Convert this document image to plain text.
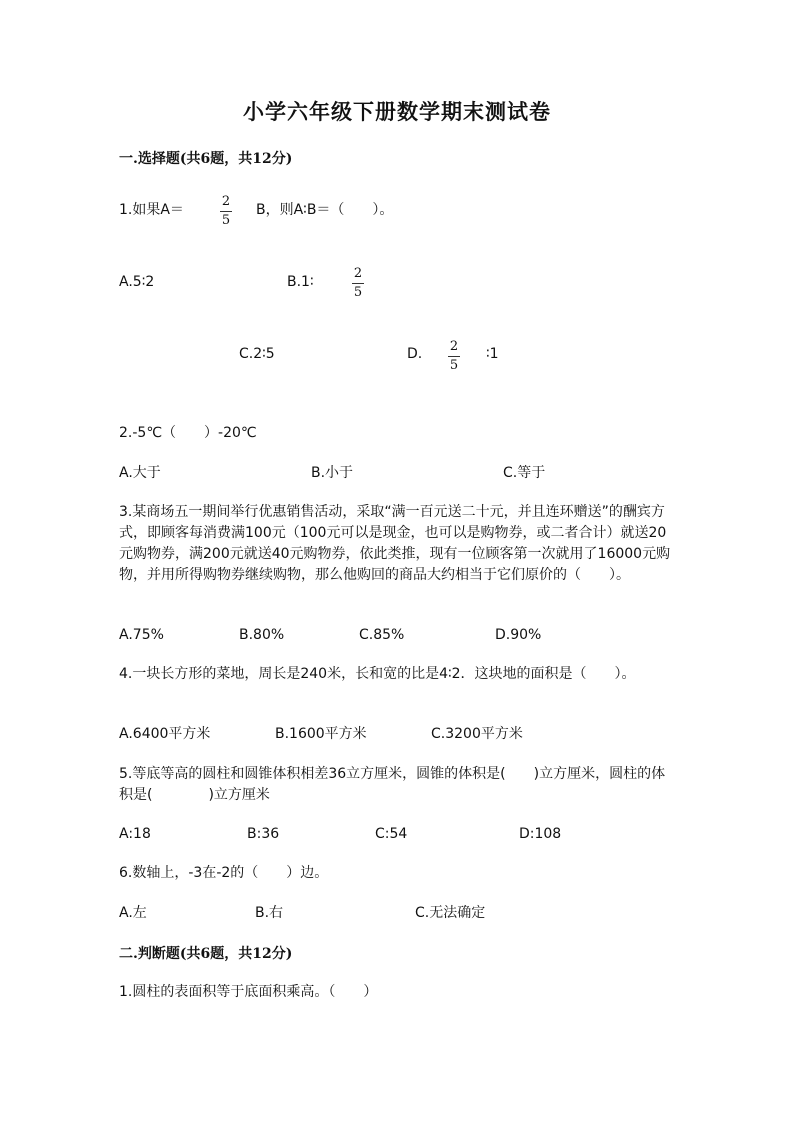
小学六年级下册数学期末测试卷
一.选择题(共6题，共12分)
1.如果A＝
2
5
B，则A∶B＝（　　）。
A.5∶2	B.1∶
2
5
C.2∶5	D. 2
5
∶1
2.-5℃（　　）-20℃
A.大于	B.小于	C.等于
3.某商场五一期间举行优惠销售活动，采取“满一百元送二十元，并且连环赠送”的酬宾方式，即顾客每消费满100元（100元可以是现金，也可以是购物券，或二者合计）就送20元购物券，满200元就送40元购物券，依此类推，现有一位顾客第一次就用了16000元购物，并用所得购物券继续购物，那么他购回的商品大约相当于它们原价的（　　）。
A.75%	B.80%	C.85%	D.90%
4.一块长方形的菜地，周长是240米，长和宽的比是4∶2．这块地的面积是（　　）。
A.6400平方米	B.1600平方米	C.3200平方米
5.等底等高的圆柱和圆锥体积相差36立方厘米，圆锥的体积是(　　)立方厘米，圆柱的体积是(　　　　)立方厘米
A:18	B:36	C:54	D:108
6.数轴上，-3在-2的（　　）边。
A.左	B.右	C.无法确定
二.判断题(共6题，共12分)
1.圆柱的表面积等于底面积乘高。（　　）
